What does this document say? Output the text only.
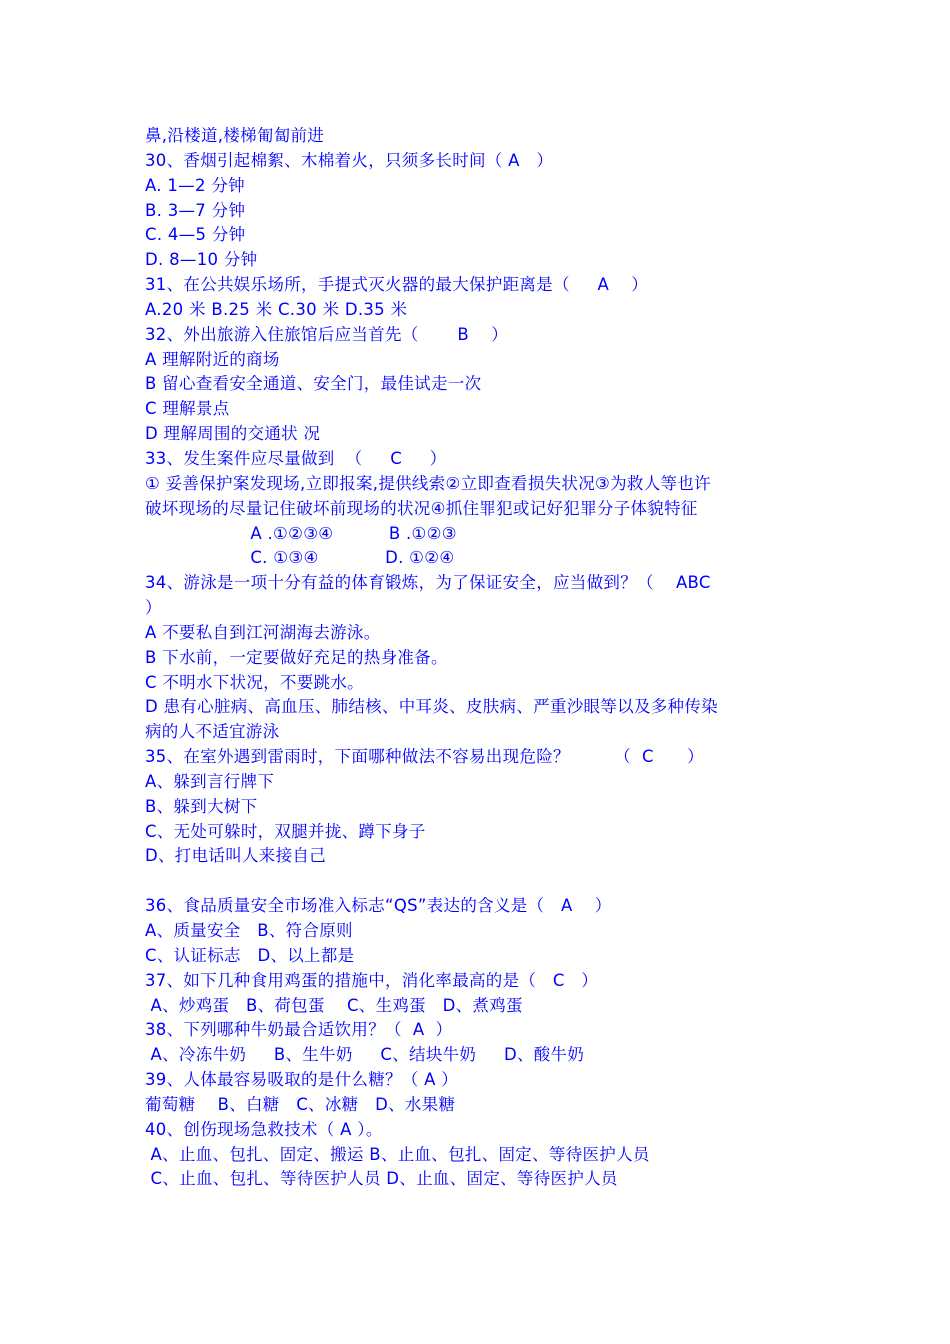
鼻,沿楼道,楼梯匍匐前进
30、香烟引起棉絮、木棉着火，只须多长时间（ A   ）
A. 1—2 分钟
B. 3—7 分钟
C. 4—5 分钟
D. 8—10 分钟
31、在公共娱乐场所，手提式灭火器的最大保护距离是（     A    ）
A.20 米 B.25 米 C.30 米 D.35 米
32、外出旅游入住旅馆后应当首先（       B    ）
A 理解附近的商场
B 留心查看安全通道、安全门，最佳试走一次
C 理解景点
D 理解周围的交通状 况
33、发生案件应尽量做到  （     C     ）
① 妥善保护案发现场,立即报案,提供线索②立即查看损失状况③为救人等也许
破坏现场的尽量记住破坏前现场的状况④抓住罪犯或记好犯罪分子体貌特征
A .①②③④          B .①②③
C. ①③④            D. ①②④
34、游泳是一项十分有益的体育锻炼，为了保证安全，应当做到？（    ABC
）
A 不要私自到江河湖海去游泳。
B 下水前，一定要做好充足的热身准备。
C 不明水下状况，不要跳水。
D 患有心脏病、高血压、肺结核、中耳炎、皮肤病、严重沙眼等以及多种传染
病的人不适宜游泳
35、在室外遇到雷雨时，下面哪种做法不容易出现危险？        （  C      ）
A、躲到言行牌下
B、躲到大树下
C、无处可躲时，双腿并拢、蹲下身子
D、打电话叫人来接自己
36、食品质量安全市场准入标志“QS”表达的含义是（   A    ）
A、质量安全   B、符合原则
C、认证标志   D、以上都是
37、如下几种食用鸡蛋的措施中，消化率最高的是（   C   ）
A、炒鸡蛋   B、荷包蛋    C、生鸡蛋   D、煮鸡蛋
38、下列哪种牛奶最合适饮用？（  A  ）
A、冷冻牛奶     B、生牛奶     C、结块牛奶     D、酸牛奶
39、人体最容易吸取的是什么糖？（ A ）
葡萄糖    B、白糖   C、冰糖   D、水果糖
40、创伤现场急救技术（ A ）。
A、止血、包扎、固定、搬运 B、止血、包扎、固定、等待医护人员
C、止血、包扎、等待医护人员 D、止血、固定、等待医护人员
